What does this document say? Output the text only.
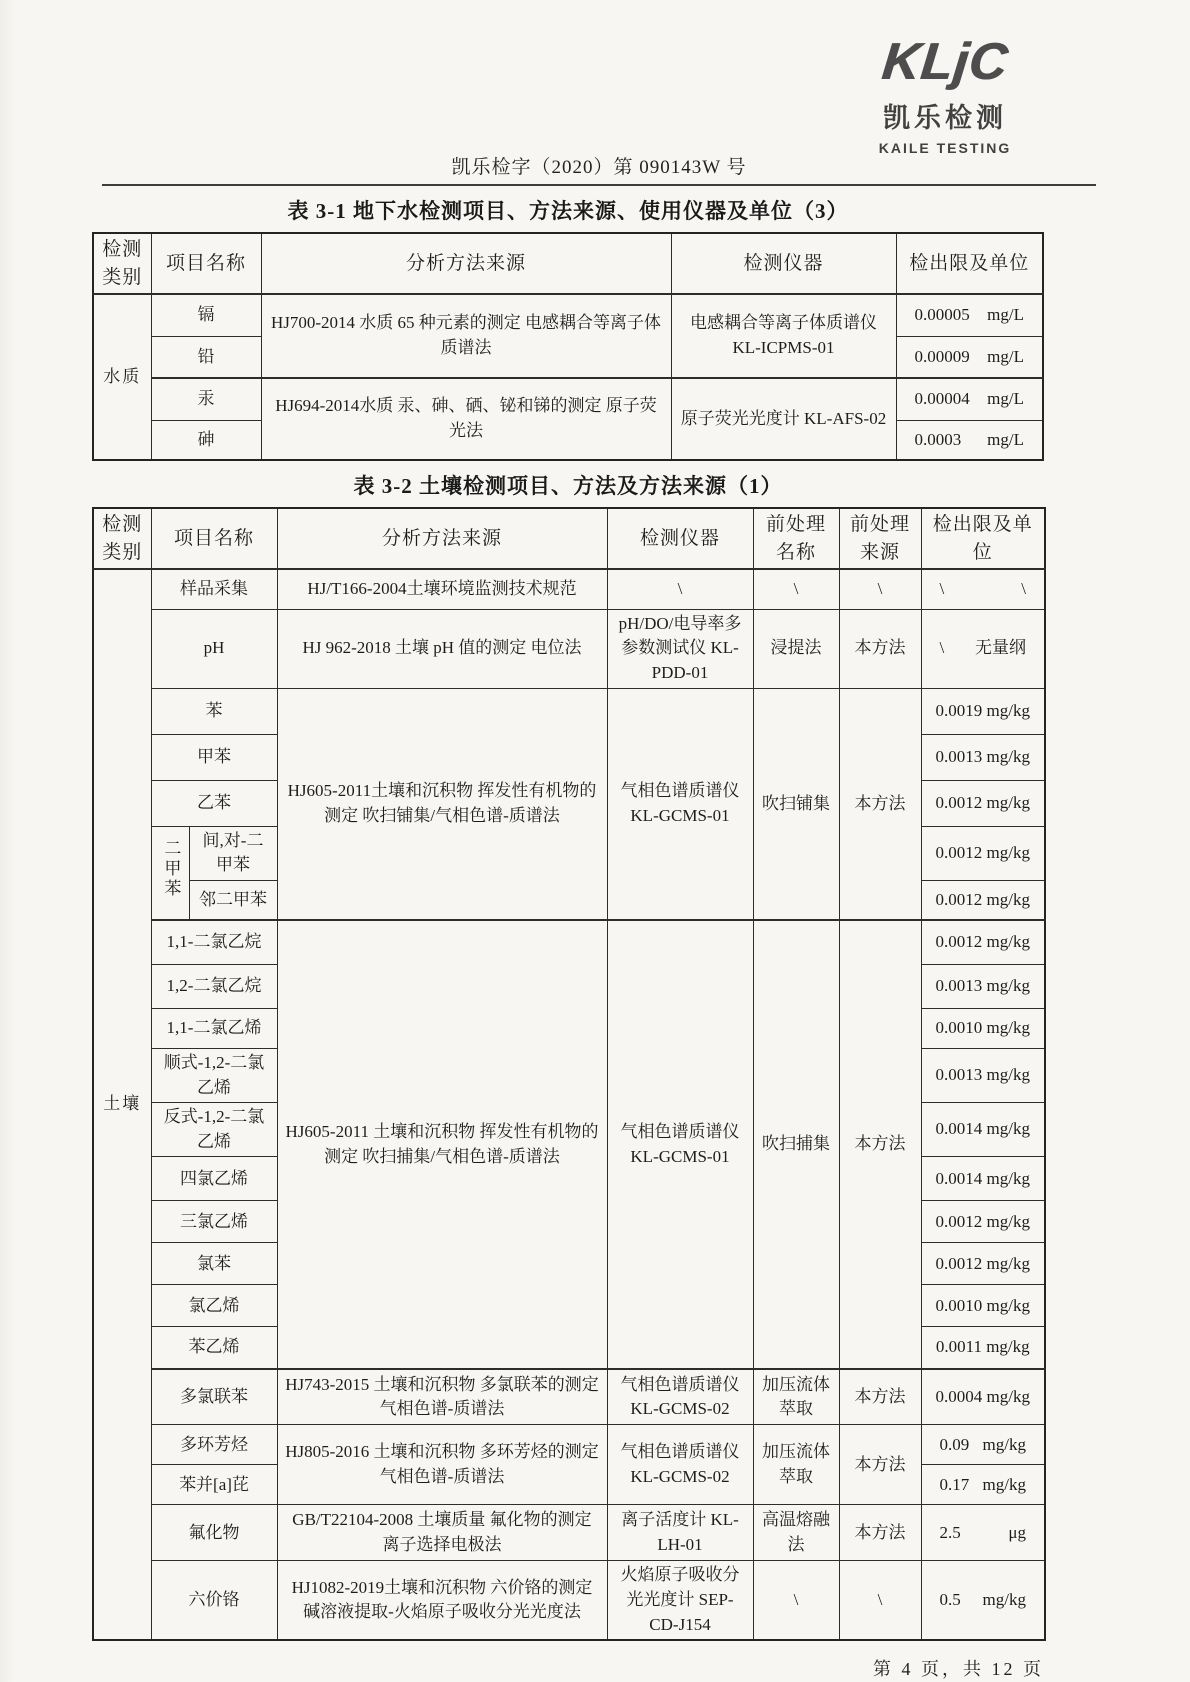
KLjC
凯乐检测
KAILE TESTING
凯乐检字（2020）第 090143W 号
表 3-1 地下水检测项目、方法来源、使用仪器及单位（3）
检测类别	项目名称	分析方法来源	检测仪器	检出限及单位
水质	镉	HJ700-2014 水质 65 种元素的测定 电感耦合等离子体质谱法	电感耦合等离子体质谱仪 KL-ICPMS-01	0.00005 mg/L

	铅			0.00009 mg/L

	汞	HJ694-2014水质 汞、砷、硒、铋和锑的测定 原子荧光法	原子荧光光度计 KL-AFS-02	0.00004 mg/L

	砷			0.0003 mg/L
表 3-2 土壤检测项目、方法及方法来源（1）
检测类别	项目名称		分析方法来源	检测仪器	前处理名称	前处理来源	检出限及单位
土壤	样品采集		HJ/T166-2004土壤环境监测技术规范	\	\	\	\ \

	pH		HJ 962-2018 土壤 pH 值的测定 电位法	pH/DO/电导率多参数测试仪 KL-PDD-01	浸提法	本方法	\ 无量纲

	苯		HJ605-2011土壤和沉积物 挥发性有机物的测定 吹扫铺集/气相色谱-质谱法	气相色谱质谱仪 KL-GCMS-01	吹扫铺集	本方法	0.0019 mg/kg
	甲苯						0.0013 mg/kg
	乙苯						0.0012 mg/kg
	二甲苯	间,对-二甲苯					0.0012 mg/kg
		邻二甲苯					0.0012 mg/kg
	1,1-二氯乙烷		HJ605-2011 土壤和沉积物 挥发性有机物的测定 吹扫捕集/气相色谱-质谱法	气相色谱质谱仪 KL-GCMS-01	吹扫捕集	本方法	0.0012 mg/kg
	1,2-二氯乙烷						0.0013 mg/kg
	1,1-二氯乙烯						0.0010 mg/kg
	顺式-1,2-二氯乙烯						0.0013 mg/kg
	反式-1,2-二氯乙烯						0.0014 mg/kg
	四氯乙烯						0.0014 mg/kg
	三氯乙烯						0.0012 mg/kg
	氯苯						0.0012 mg/kg
	氯乙烯						0.0010 mg/kg
	苯乙烯						0.0011 mg/kg
	多氯联苯		HJ743-2015 土壤和沉积物 多氯联苯的测定 气相色谱-质谱法	气相色谱质谱仪 KL-GCMS-02	加压流体萃取	本方法	0.0004 mg/kg
	多环芳烃		HJ805-2016 土壤和沉积物 多环芳烃的测定 气相色谱-质谱法	气相色谱质谱仪 KL-GCMS-02	加压流体萃取	本方法	0.09 mg/kg

	苯并[a]芘						0.17 mg/kg

	氟化物		GB/T22104-2008 土壤质量 氟化物的测定 离子选择电极法	离子活度计 KL-LH-01	高温熔融法	本方法	2.5 μg

	六价铬		HJ1082-2019土壤和沉积物 六价铬的测定 碱溶液提取-火焰原子吸收分光光度法	火焰原子吸收分光光度计 SEP-CD-J154	\	\	0.5 mg/kg
第 4 页，共 12 页
